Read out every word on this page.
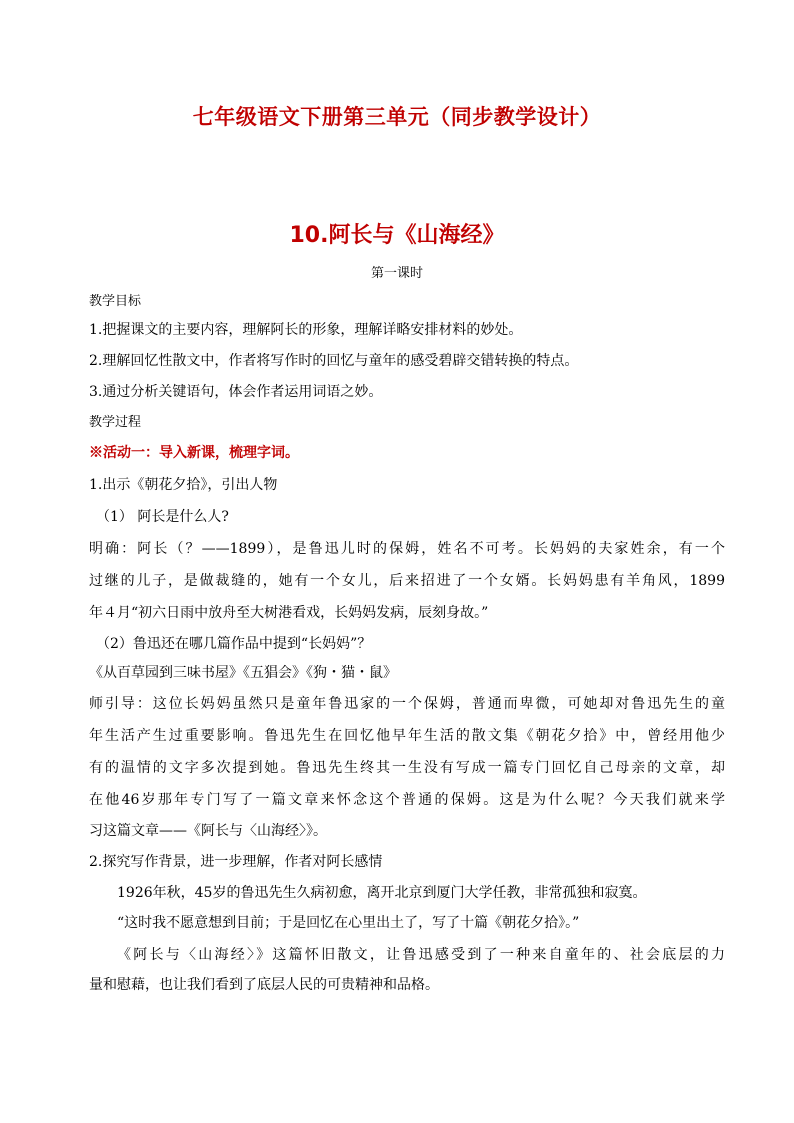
七年级语文下册第三单元（同步教学设计）
10.阿长与《山海经》
第一课时
教学目标
1.把握课文的主要内容，理解阿长的形象，理解详略安排材料的妙处。
2.理解回忆性散文中，作者将写作时的回忆与童年的感受碧辟交错转换的特点。
3.通过分析关键语句，体会作者运用词语之妙。
教学过程
※活动一：导入新课，梳理字词。
1.出示《朝花夕拾》，引出人物
（1） 阿长是什么人?
明确：阿长（？——1899），是鲁迅儿时的保姆，姓名不可考。长妈妈的夫家姓余，有一个
过继的儿子，是做裁缝的，她有一个女儿，后来招进了一个女婿。长妈妈患有羊角风，1899
年４月“初六日雨中放舟至大树港看戏，长妈妈发病，辰刻身故。”
（2）鲁迅还在哪几篇作品中提到“长妈妈”？
《从百草园到三味书屋》《五猖会》《狗・猫・鼠》
师引导：这位长妈妈虽然只是童年鲁迅家的一个保姆，普通而卑微，可她却对鲁迅先生的童
年生活产生过重要影响。鲁迅先生在回忆他早年生活的散文集《朝花夕拾》中，曾经用他少
有的温情的文字多次提到她。鲁迅先生终其一生没有写成一篇专门回忆自己母亲的文章，却
在他46岁那年专门写了一篇文章来怀念这个普通的保姆。这是为什么呢？今天我们就来学
习这篇文章——《阿长与〈山海经〉》。
2.探究写作背景，进一步理解，作者对阿长感情
1926年秋，45岁的鲁迅先生久病初愈，离开北京到厦门大学任教，非常孤独和寂寞。
“这时我不愿意想到目前；于是回忆在心里出土了，写了十篇《朝花夕拾》。”
《阿长与〈山海经〉》这篇怀旧散文，让鲁迅感受到了一种来自童年的、社会底层的力
量和慰藉，也让我们看到了底层人民的可贵精神和品格。
